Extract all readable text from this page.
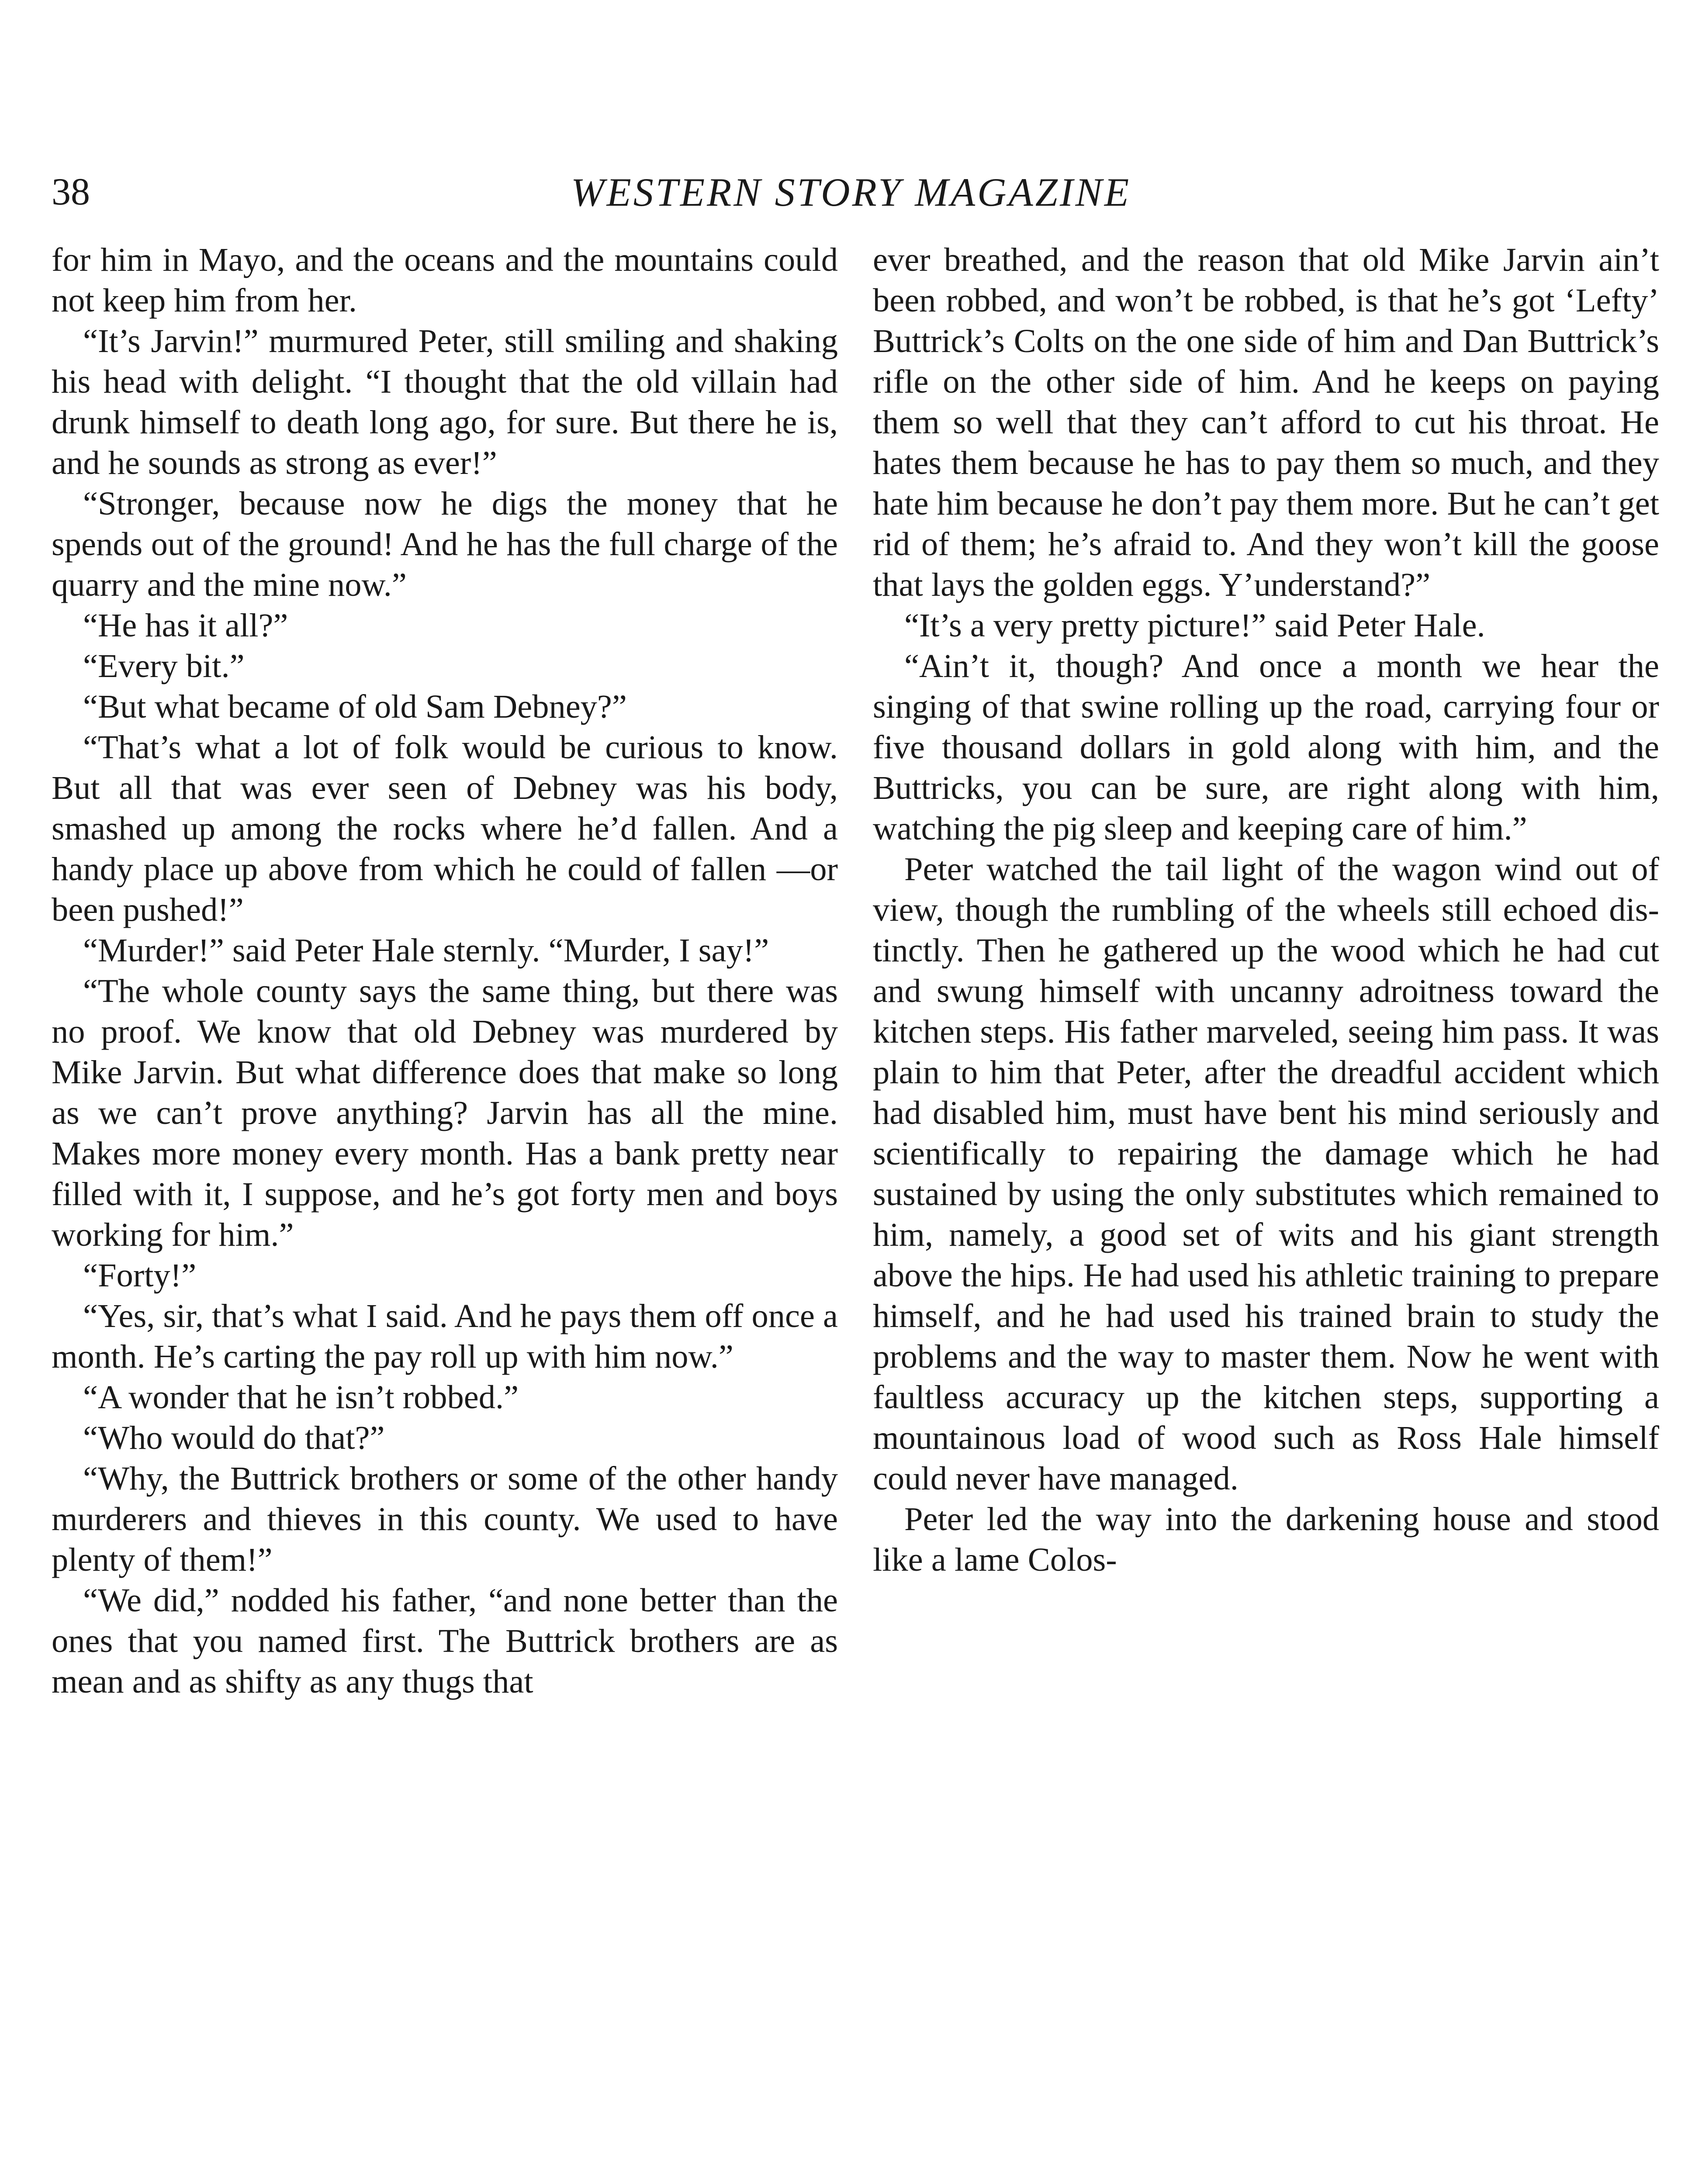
38	WESTERN STORY MAGAZINE

for him in Mayo, and the oceans and the mountains could not keep him from her.

“It’s Jarvin!” murmured Peter, still smiling and shaking his head with delight. “I thought that the old villain had drunk himself to death long ago, for sure. But there he is, and he sounds as strong as ever!”

“Stronger, because now he digs the money that he spends out of the ground! And he has the full charge of the quarry and the mine now.”

“He has it all?”

“Every bit.”

“But what became of old Sam Debney?”

“That’s what a lot of folk would be curious to know. But all that was ever seen of Debney was his body, smashed up among the rocks where he’d fallen. And a handy place up above from which he could of fallen —or been pushed!”

“Murder!” said Peter Hale sternly. “Murder, I say!”

“The whole county says the same thing, but there was no proof. We know that old Debney was murdered by Mike Jarvin. But what difference does that make so long as we can’t prove anything? Jarvin has all the mine. Makes more money every month. Has a bank pretty near filled with it, I suppose, and he’s got forty men and boys working for him.”

“Forty!”

“Yes, sir, that’s what I said. And he pays them off once a month. He’s carting the pay roll up with him now.”

“A wonder that he isn’t robbed.”

“Who would do that?”

“Why, the Buttrick brothers or some of the other handy murderers and thieves in this county. We used to have plenty of them!”

“We did,” nodded his father, “and none better than the ones that you named first. The Buttrick brothers are as mean and as shifty as any thugs that

ever breathed, and the reason that old Mike Jarvin ain’t been robbed, and won’t be robbed, is that he’s got ‘Lefty’ Buttrick’s Colts on the one side of him and Dan Buttrick’s rifle on the other side of him. And he keeps on paying them so well that they can’t afford to cut his throat. He hates them because he has to pay them so much, and they hate him because he don’t pay them more. But he can’t get rid of them; he’s afraid to. And they won’t kill the goose that lays the golden eggs. Y’understand?”

“It’s a very pretty picture!” said Peter Hale.

“Ain’t it, though? And once a month we hear the singing of that swine rolling up the road, carrying four or five thousand dollars in gold along with him, and the Buttricks, you can be sure, are right along with him, watching the pig sleep and keeping care of him.”

Peter watched the tail light of the wagon wind out of view, though the rumbling of the wheels still echoed distinctly. Then he gathered up the wood which he had cut and swung himself with uncanny adroitness toward the kitchen steps. His father marveled, seeing him pass. It was plain to him that Peter, after the dreadful accident which had disabled him, must have bent his mind seriously and scientifically to repairing the damage which he had sustained by using the only substitutes which remained to him, namely, a good set of wits and his giant strength above the hips. He had used his athletic training to prepare himself, and he had used his trained brain to study the problems and the way to master them. Now he went with faultless accuracy up the kitchen steps, supporting a mountainous load of wood such as Ross Hale himself could never have managed.

Peter led the way into the darkening house and stood like a lame Colos-
